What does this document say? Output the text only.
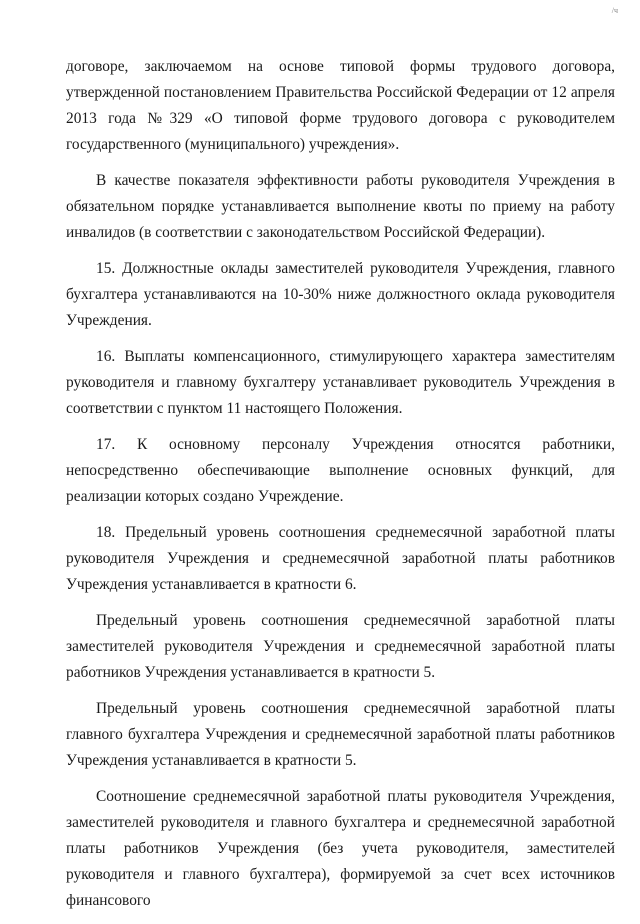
/ч

договоре, заключаемом на основе типовой формы трудового договора, утвержденной постановлением Правительства Российской Федерации от 12 апреля 2013 года №329 «О типовой форме трудового договора с руководителем государственного (муниципального) учреждения».

В качестве показателя эффективности работы руководителя Учреждения в обязательном порядке устанавливается выполнение квоты по приему на работу инвалидов (в соответствии с законодательством Российской Федерации).

15. Должностные оклады заместителей руководителя Учреждения, главного бухгалтера устанавливаются на 10-30% ниже должностного оклада руководителя Учреждения.

16. Выплаты компенсационного, стимулирующего характера заместителям руководителя и главному бухгалтеру устанавливает руководитель Учреждения в соответствии с пунктом 11 настоящего Положения.

17. К основному персоналу Учреждения относятся работники, непосредственно обеспечивающие выполнение основных функций, для реализации которых создано Учреждение.

18. Предельный уровень соотношения среднемесячной заработной платы руководителя Учреждения и среднемесячной заработной платы работников Учреждения устанавливается в кратности 6.

Предельный уровень соотношения среднемесячной заработной платы заместителей руководителя Учреждения и среднемесячной заработной платы работников Учреждения устанавливается в кратности 5.

Предельный уровень соотношения среднемесячной заработной платы главного бухгалтера Учреждения и среднемесячной заработной платы работников Учреждения устанавливается в кратности 5.

Соотношение среднемесячной заработной платы руководителя Учреждения, заместителей руководителя и главного бухгалтера и среднемесячной заработной платы работников Учреждения (без учета руководителя, заместителей руководителя и главного бухгалтера), формируемой за счет всех источников финансового
